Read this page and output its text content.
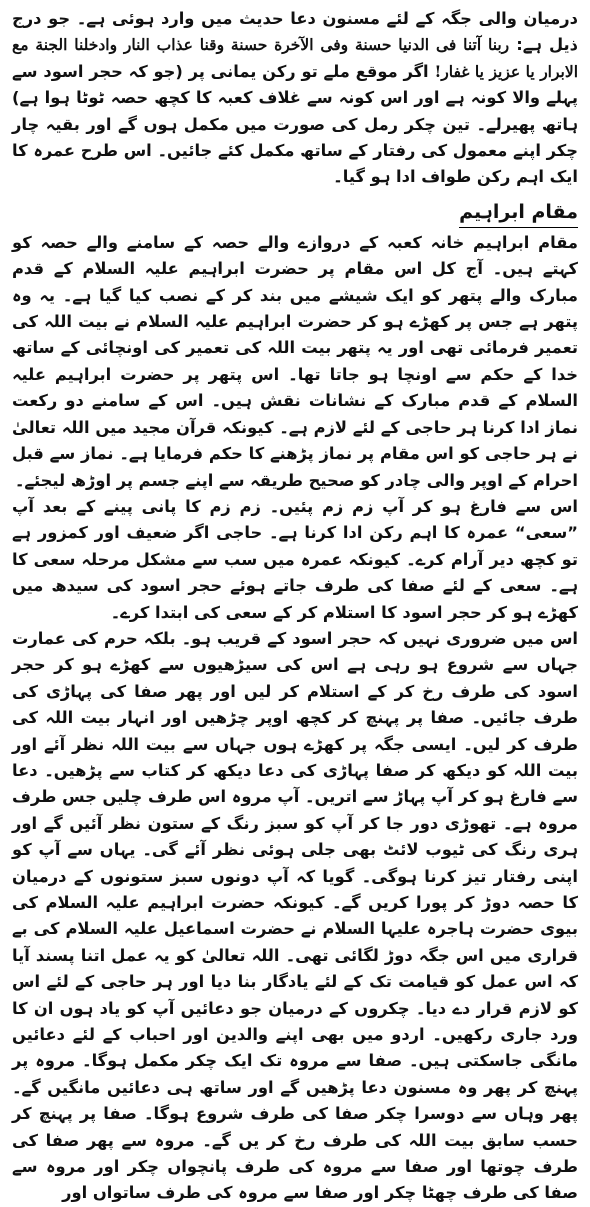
درمیان والی جگہ کے لئے مسنون دعا حدیث میں وارد ہوئی ہے۔ جو درج ذیل ہے: ربنا آتنا فی الدنیا حسنة وفی الآخرة حسنة وقنا عذاب النار وادخلنا الجنة مع الابرار یا عزیز یا غفار! اگر موقع ملے تو رکن یمانی پر (جو کہ حجر اسود سے پہلے والا کونہ ہے اور اس کونہ سے غلاف کعبہ کا کچھ حصہ ٹوٹا ہوا ہے) ہاتھ پھیرلے۔ تین چکر رمل کی صورت میں مکمل ہوں گے اور بقیہ چار چکر اپنے معمول کی رفتار کے ساتھ مکمل کئے جائیں۔ اس طرح عمرہ کا ایک اہم رکن طواف ادا ہو گیا۔

مقام ابراہیم

مقام ابراہیم خانہ کعبہ کے دروازے والے حصہ کے سامنے والے حصہ کو کہتے ہیں۔ آج کل اس مقام پر حضرت ابراہیم علیہ السلام کے قدم مبارک والے پتھر کو ایک شیشے میں بند کر کے نصب کیا گیا ہے۔ یہ وہ پتھر ہے جس پر کھڑے ہو کر حضرت ابراہیم علیہ السلام نے بیت اللہ کی تعمیر فرمائی تھی اور یہ پتھر بیت اللہ کی تعمیر کی اونچائی کے ساتھ خدا کے حکم سے اونچا ہو جاتا تھا۔ اس پتھر پر حضرت ابراہیم علیہ السلام کے قدم مبارک کے نشانات نقش ہیں۔ اس کے سامنے دو رکعت نماز ادا کرنا ہر حاجی کے لئے لازم ہے۔ کیونکہ قرآن مجید میں اللہ تعالیٰ نے ہر حاجی کو اس مقام پر نماز پڑھنے کا حکم فرمایا ہے۔ نماز سے قبل احرام کے اوپر والی چادر کو صحیح طریقہ سے اپنے جسم پر اوڑھ لیجئے۔

اس سے فارغ ہو کر آپ زم زم پئیں۔ زم زم کا پانی پینے کے بعد آپ ”سعی“ عمرہ کا اہم رکن ادا کرنا ہے۔ حاجی اگر ضعیف اور کمزور ہے تو کچھ دیر آرام کرے۔ کیونکہ عمرہ میں سب سے مشکل مرحلہ سعی کا ہے۔ سعی کے لئے صفا کی طرف جاتے ہوئے حجر اسود کی سیدھ میں کھڑے ہو کر حجر اسود کا استلام کر کے سعی کی ابتدا کرے۔

اس میں ضروری نہیں کہ حجر اسود کے قریب ہو۔ بلکہ حرم کی عمارت جہاں سے شروع ہو رہی ہے اس کی سیڑھیوں سے کھڑے ہو کر حجر اسود کی طرف رخ کر کے استلام کر لیں اور پھر صفا کی پہاڑی کی طرف جائیں۔ صفا پر پہنچ کر کچھ اوپر چڑھیں اور انہار بیت اللہ کی طرف کر لیں۔ ایسی جگہ پر کھڑے ہوں جہاں سے بیت اللہ نظر آئے اور بیت اللہ کو دیکھ کر صفا پہاڑی کی دعا دیکھ کر کتاب سے پڑھیں۔ دعا سے فارغ ہو کر آپ پہاڑ سے اتریں۔ آپ مروہ اس طرف چلیں جس طرف مروہ ہے۔ تھوڑی دور جا کر آپ کو سبز رنگ کے ستون نظر آئیں گے اور ہری رنگ کی ٹیوب لائٹ بھی جلی ہوئی نظر آئے گی۔ یہاں سے آپ کو اپنی رفتار تیز کرنا ہوگی۔ گویا کہ آپ دونوں سبز ستونوں کے درمیان کا حصہ دوڑ کر پورا کریں گے۔ کیونکہ حضرت ابراہیم علیہ السلام کی بیوی حضرت ہاجرہ علیہا السلام نے حضرت اسماعیل علیہ السلام کی بے قراری میں اس جگہ دوڑ لگائی تھی۔ اللہ تعالیٰ کو یہ عمل اتنا پسند آیا کہ اس عمل کو قیامت تک کے لئے یادگار بنا دیا اور ہر حاجی کے لئے اس کو لازم قرار دے دیا۔ چکروں کے درمیان جو دعائیں آپ کو یاد ہوں ان کا ورد جاری رکھیں۔ اردو میں بھی اپنے والدین اور احباب کے لئے دعائیں مانگی جاسکتی ہیں۔ صفا سے مروہ تک ایک چکر مکمل ہوگا۔ مروہ پر پہنچ کر پھر وہ مسنون دعا پڑھیں گے اور ساتھ ہی دعائیں مانگیں گے۔ پھر وہاں سے دوسرا چکر صفا کی طرف شروع ہوگا۔ صفا پر پہنچ کر حسب سابق بیت اللہ کی طرف رخ کر یں گے۔ مروہ سے پھر صفا کی طرف چوتھا اور صفا سے مروہ کی طرف پانچواں چکر اور مروہ سے صفا کی طرف چھٹا چکر اور صفا سے مروہ کی طرف ساتواں اور
